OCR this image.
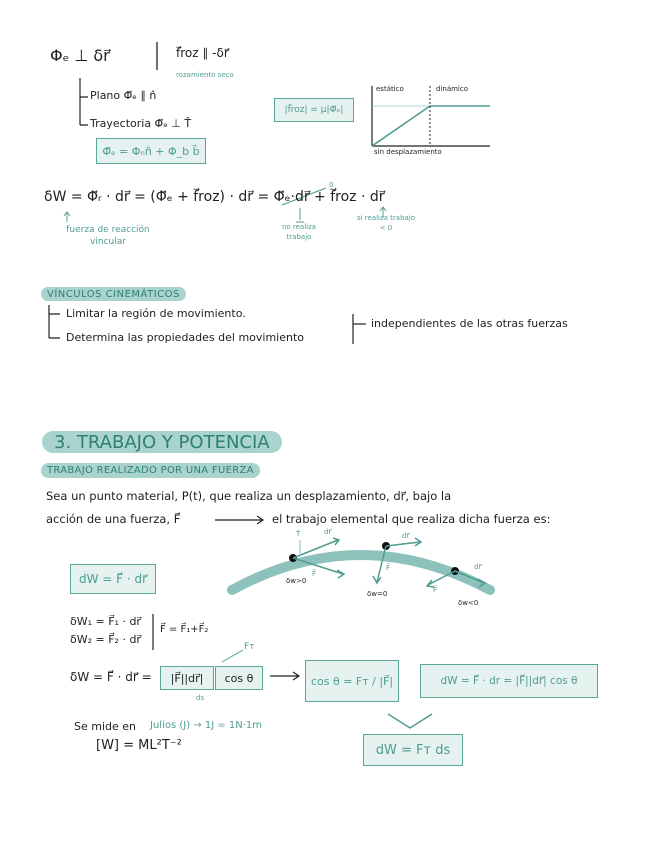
Φₑ ⊥ δr⃗	f⃗roz ∥ -δr⃗
rozamiento seco
Plano Φ⃗ₑ ∥ n̂
Trayectoria Φ⃗ₑ ⊥ T̂
Φ⃗ₑ = Φₙn̂ + Φ_b b⃗
|f⃗roz| = μ|Φ⃗ₑ|
estático	dinámico
sin desplazamiento
δW = Φ⃗ᵣ · dr⃗ = (Φ⃗ₑ + f⃗roz) · dr⃗ = Φ⃗ₑ·dr⃗ + f⃗roz · dr⃗
0
fuerza de reacción vincular
no realiza trabajo
si realiza trabajo < 0
VÍNCULOS CINEMÁTICOS
Limitar la región de movimiento.
Determina las propiedades del movimiento
independientes de las otras fuerzas
3. TRABAJO Y POTENCIA
TRABAJO REALIZADO POR UNA FUERZA
Sea un punto material, P(t), que realiza un desplazamiento, dr⃗, bajo la
acción de una fuerza, F⃗	el trabajo elemental que realiza dicha fuerza es:
dW = F⃗ · dr⃗	δw>0
δw=0
δw<0
T̂	dr⃗
F⃗
dr⃗
F⃗	dr⃗
F⃗
δW₁ = F⃗₁ · dr⃗
δW₂ = F⃗₂ · dr⃗
F⃗ = F⃗₁+F⃗₂
δW = F⃗ · dr⃗ =	|F⃗||dr⃗|	cos θ
ds
Fт
cos θ = Fт / |F⃗|	dW = F⃗ · dr = |F⃗||dr⃗| cos θ
dW = Fт ds
Se mide en Julios (J) → 1J = 1N·1m
[W] = ML²T⁻²
